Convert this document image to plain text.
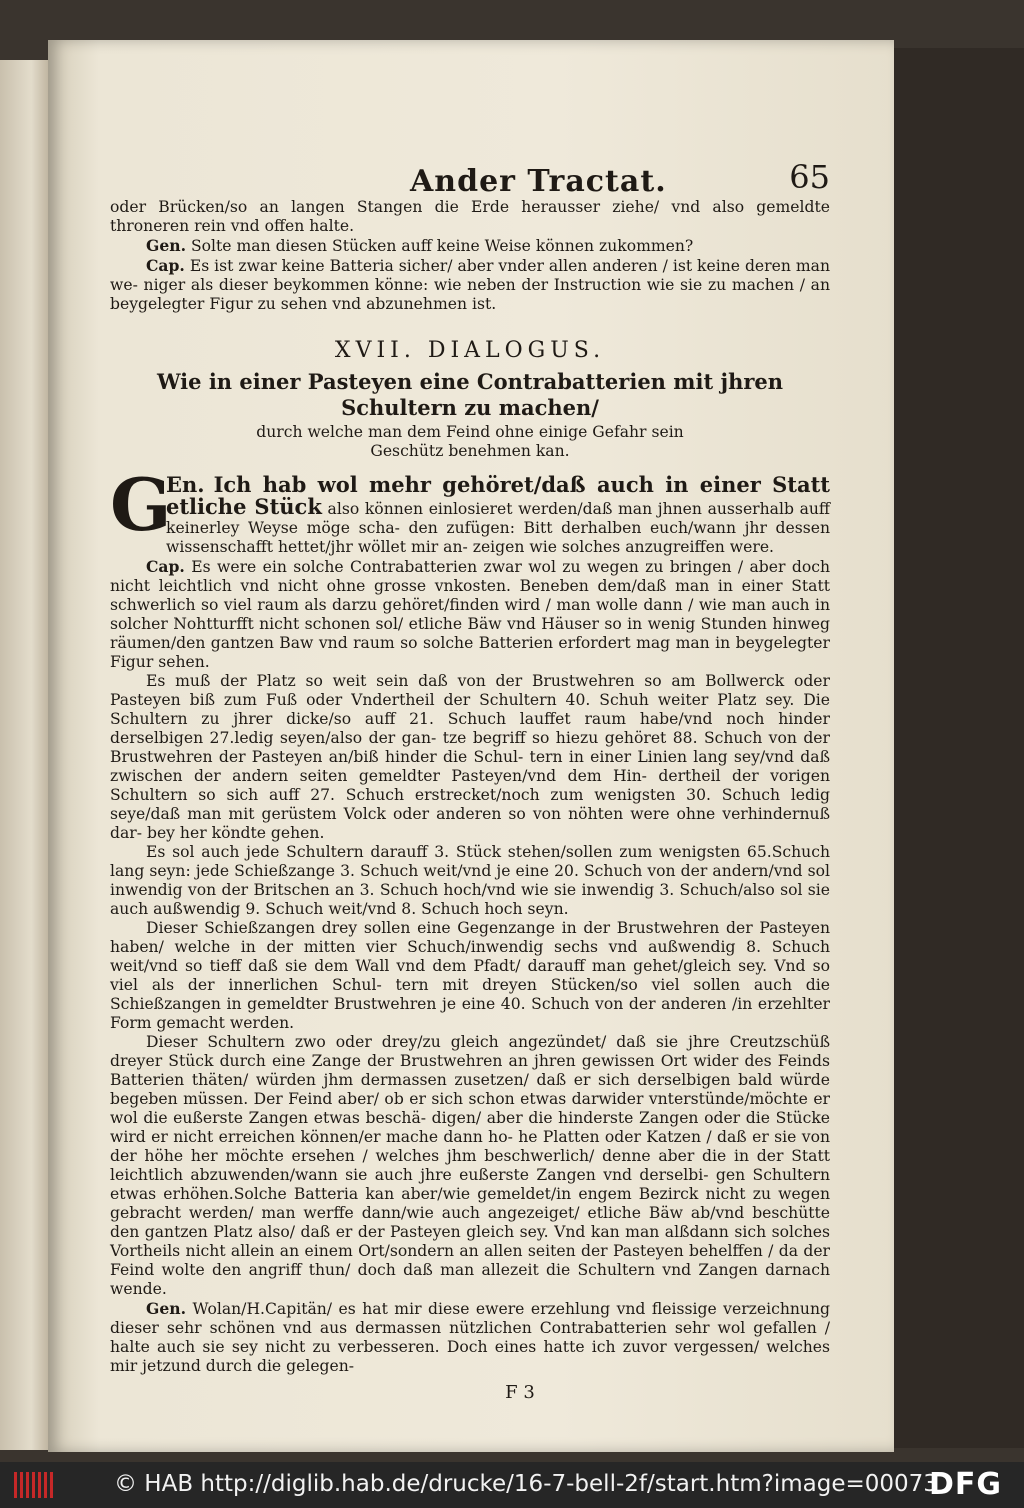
Ander Tractat.	65

oder Brücken/so an langen Stangen die Erde herausser ziehe/ vnd also gemeldte throneren rein vnd offen halte.

Gen. Solte man diesen Stücken auff keine Weise können zukommen?

Cap. Es ist zwar keine Batteria sicher/ aber vnder allen anderen / ist keine deren man we- niger als dieser beykommen könne: wie neben der Instruction wie sie zu machen / an beygelegter Figur zu sehen vnd abzunehmen ist.

XVII. DIALOGUS.
Wie in einer Pasteyen eine Contrabatterien mit jhren Schultern zu machen/
durch welche man dem Feind ohne einige Gefahr sein Geschütz benehmen kan.

G
En. Ich hab wol mehr gehöret/daß auch in einer Statt etliche Stück also können einlosieret werden/daß man jhnen ausserhalb auff keinerley Weyse möge scha- den zufügen: Bitt derhalben euch/wann jhr dessen wissenschafft hettet/jhr wöllet mir an- zeigen wie solches anzugreiffen were.

Cap. Es were ein solche Contrabatterien zwar wol zu wegen zu bringen / aber doch nicht leichtlich vnd nicht ohne grosse vnkosten. Beneben dem/daß man in einer Statt schwerlich so viel raum als darzu gehöret/finden wird / man wolle dann / wie man auch in solcher Nohtturfft nicht schonen sol/ etliche Bäw vnd Häuser so in wenig Stunden hinweg räumen/den gantzen Baw vnd raum so solche Batterien erfordert mag man in beygelegter Figur sehen.

Es muß der Platz so weit sein daß von der Brustwehren so am Bollwerck oder Pasteyen biß zum Fuß oder Vndertheil der Schultern 40. Schuh weiter Platz sey. Die Schultern zu jhrer dicke/so auff 21. Schuch lauffet raum habe/vnd noch hinder derselbigen 27.ledig seyen/also der gan- tze begriff so hiezu gehöret 88. Schuch von der Brustwehren der Pasteyen an/biß hinder die Schul- tern in einer Linien lang sey/vnd daß zwischen der andern seiten gemeldter Pasteyen/vnd dem Hin- dertheil der vorigen Schultern so sich auff 27. Schuch erstrecket/noch zum wenigsten 30. Schuch ledig seye/daß man mit gerüstem Volck oder anderen so von nöhten were ohne verhindernuß dar- bey her köndte gehen.

Es sol auch jede Schultern darauff 3. Stück stehen/sollen zum wenigsten 65.Schuch lang seyn: jede Schießzange 3. Schuch weit/vnd je eine 20. Schuch von der andern/vnd sol inwendig von der Britschen an 3. Schuch hoch/vnd wie sie inwendig 3. Schuch/also sol sie auch außwendig 9. Schuch weit/vnd 8. Schuch hoch seyn.

Dieser Schießzangen drey sollen eine Gegenzange in der Brustwehren der Pasteyen haben/ welche in der mitten vier Schuch/inwendig sechs vnd außwendig 8. Schuch weit/vnd so tieff daß sie dem Wall vnd dem Pfadt/ darauff man gehet/gleich sey. Vnd so viel als der innerlichen Schul- tern mit dreyen Stücken/so viel sollen auch die Schießzangen in gemeldter Brustwehren je eine 40. Schuch von der anderen /in erzehlter Form gemacht werden.

Dieser Schultern zwo oder drey/zu gleich angezündet/ daß sie jhre Creutzschüß dreyer Stück durch eine Zange der Brustwehren an jhren gewissen Ort wider des Feinds Batterien thäten/ würden jhm dermassen zusetzen/ daß er sich derselbigen bald würde begeben müssen. Der Feind aber/ ob er sich schon etwas darwider vnterstünde/möchte er wol die eußerste Zangen etwas beschä- digen/ aber die hinderste Zangen oder die Stücke wird er nicht erreichen können/er mache dann ho- he Platten oder Katzen / daß er sie von der höhe her möchte ersehen / welches jhm beschwerlich/ denne aber die in der Statt leichtlich abzuwenden/wann sie auch jhre eußerste Zangen vnd derselbi- gen Schultern etwas erhöhen.Solche Batteria kan aber/wie gemeldet/in engem Bezirck nicht zu wegen gebracht werden/ man werffe dann/wie auch angezeiget/ etliche Bäw ab/vnd beschütte den gantzen Platz also/ daß er der Pasteyen gleich sey. Vnd kan man alßdann sich solches Vortheils nicht allein an einem Ort/sondern an allen seiten der Pasteyen behelffen / da der Feind wolte den angriff thun/ doch daß man allezeit die Schultern vnd Zangen darnach wende.

Gen. Wolan/H.Capitän/ es hat mir diese ewere erzehlung vnd fleissige verzeichnung dieser sehr schönen vnd aus dermassen nützlichen Contrabatterien sehr wol gefallen / halte auch sie sey nicht zu verbesseren. Doch eines hatte ich zuvor vergessen/ welches mir jetzund durch die gelegen-

F 3
© HAB http://diglib.hab.de/drucke/16-7-bell-2f/start.htm?image=00073
DFG
